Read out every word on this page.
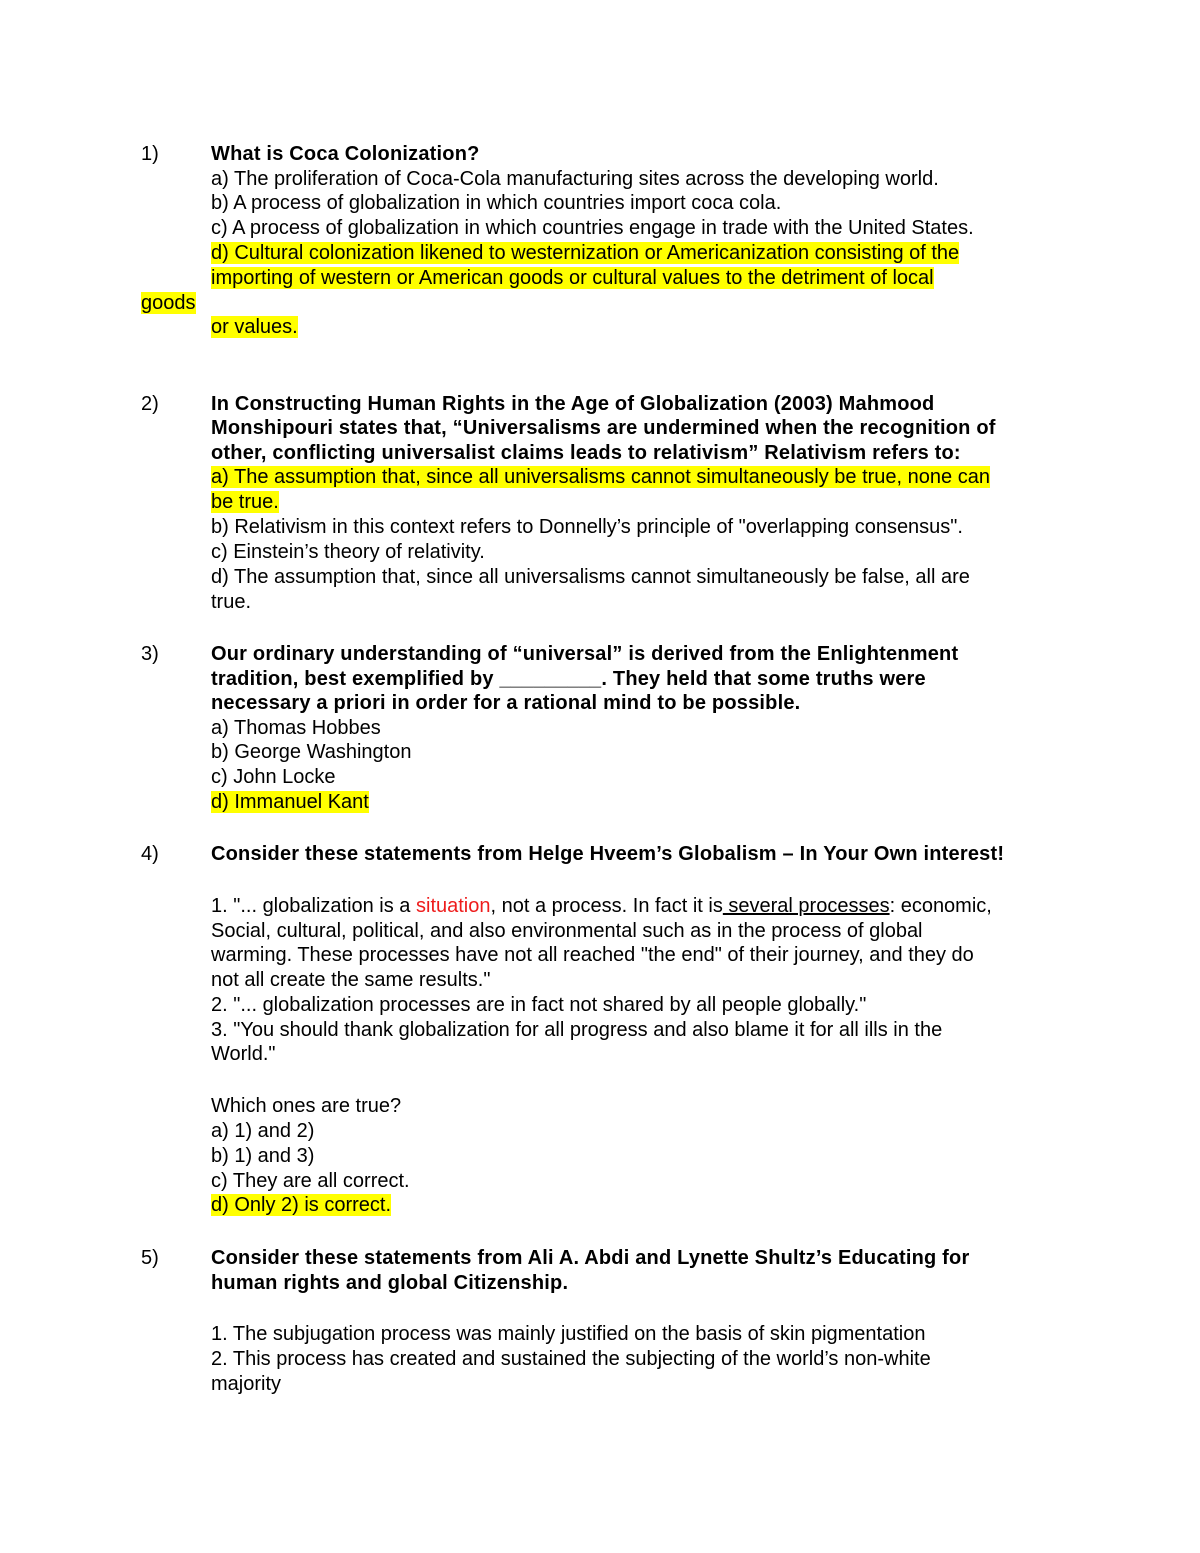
1)	What is Coca Colonization?
a) The proliferation of Coca-Cola manufacturing sites across the developing world.
b) A process of globalization in which countries import coca cola.
c) A process of globalization in which countries engage in trade with the United States.
d) Cultural colonization likened to westernization or Americanization consisting of the
importing of western or American goods or cultural values to the detriment of local
goods
or values.
2)	In Constructing Human Rights in the Age of Globalization (2003) Mahmood
Monshipouri states that, “Universalisms are undermined when the recognition of
other, conflicting universalist claims leads to relativism” Relativism refers to:
a) The assumption that, since all universalisms cannot simultaneously be true, none can
be true.
b) Relativism in this context refers to Donnelly’s principle of "overlapping consensus".
c) Einstein’s theory of relativity.
d) The assumption that, since all universalisms cannot simultaneously be false, all are
true.
3)	Our ordinary understanding of “universal” is derived from the Enlightenment
tradition, best exemplified by _________. They held that some truths were
necessary a priori in order for a rational mind to be possible.
a) Thomas Hobbes
b) George Washington
c) John Locke
d) Immanuel Kant
4)	Consider these statements from Helge Hveem’s Globalism – In Your Own interest!
1. "... globalization is a situation, not a process. In fact it is several processes: economic,
Social, cultural, political, and also environmental such as in the process of global
warming. These processes have not all reached "the end" of their journey, and they do
not all create the same results."
2. "... globalization processes are in fact not shared by all people globally."
3. "You should thank globalization for all progress and also blame it for all ills in the
World."
Which ones are true?
a) 1) and 2)
b) 1) and 3)
c) They are all correct.
d) Only 2) is correct.
5)	Consider these statements from Ali A. Abdi and Lynette Shultz’s Educating for
human rights and global Citizenship.
1. The subjugation process was mainly justified on the basis of skin pigmentation
2. This process has created and sustained the subjecting of the world’s non-white
majority
